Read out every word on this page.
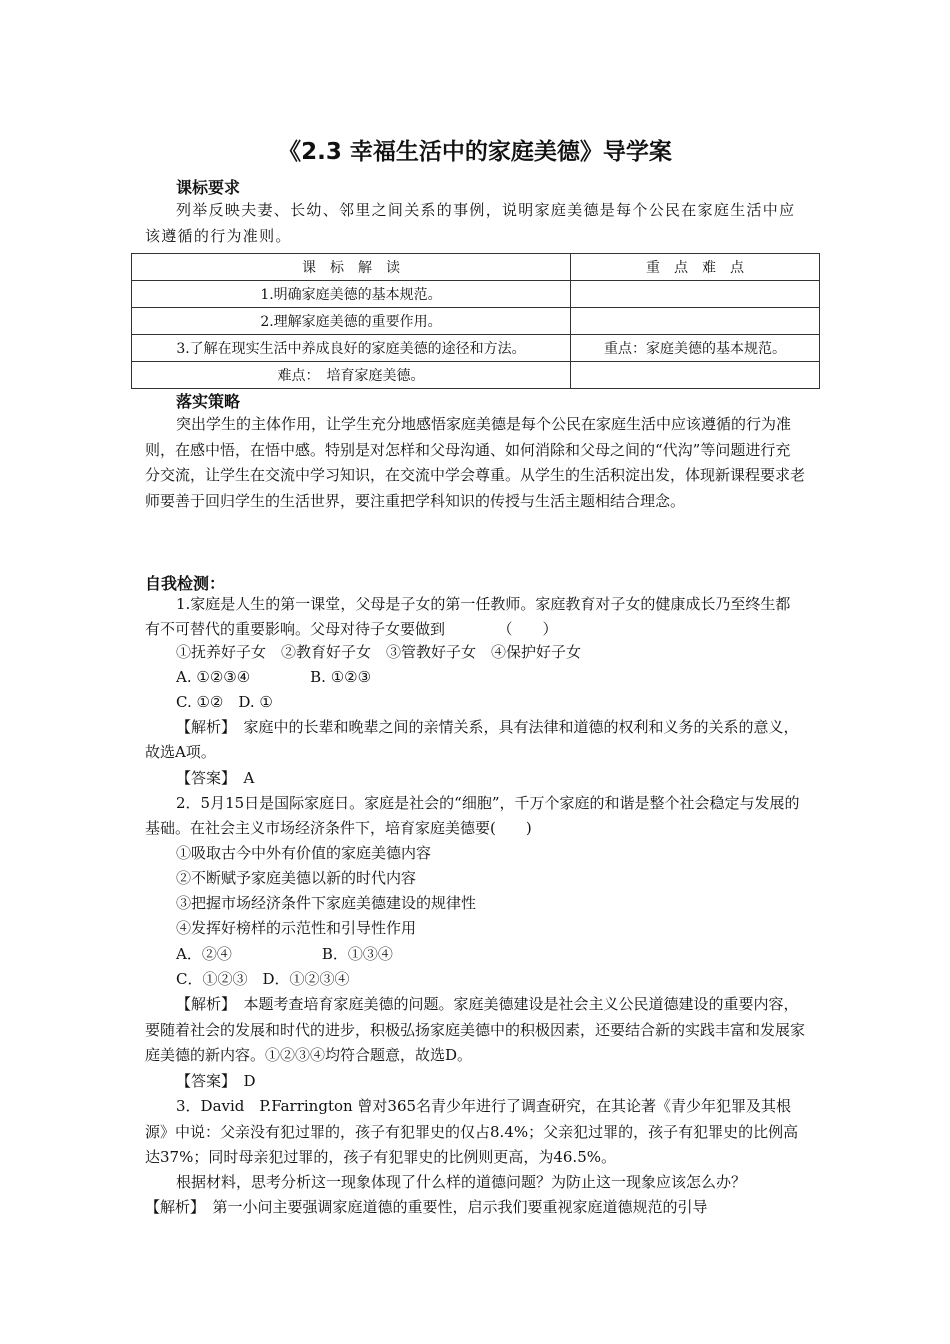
《2.3 幸福生活中的家庭美德》导学案
课标要求

列举反映夫妻、长幼、邻里之间关系的事例，说明家庭美德是每个公民在家庭生活中应该遵循的行为准则。

课　标　解　读	重　点　难　点
1.明确家庭美德的基本规范。	
2.理解家庭美德的重要作用。	
3.了解在现实生活中养成良好的家庭美德的途径和方法。	重点：家庭美德的基本规范。
难点：　培育家庭美德。	
落实策略

突出学生的主体作用，让学生充分地感悟家庭美德是每个公民在家庭生活中应该遵循的行为准则，在感中悟，在悟中感。特别是对怎样和父母沟通、如何消除和父母之间的“代沟”等问题进行充分交流，让学生在交流中学习知识，在交流中学会尊重。从学生的生活积淀出发，体现新课程要求老师要善于回归学生的生活世界，要注重把学科知识的传授与生活主题相结合理念。

自我检测：

1.家庭是人生的第一课堂，父母是子女的第一任教师。家庭教育对子女的健康成长乃至终生都有不可替代的重要影响。父母对待子女要做到　　　　（　　）

①抚养好子女　②教育好子女　③管教好子女　④保护好子女
A. ①②③④　　　　B. ①②③
C. ①②　D. ①

【解析】　家庭中的长辈和晚辈之间的亲情关系，具有法律和道德的权利和义务的关系的意义，故选A项。

【答案】　A

2．5月15日是国际家庭日。家庭是社会的“细胞”，千万个家庭的和谐是整个社会稳定与发展的基础。在社会主义市场经济条件下，培育家庭美德要(　　)

①吸取古今中外有价值的家庭美德内容
②不断赋予家庭美德以新的时代内容
③把握市场经济条件下家庭美德建设的规律性
④发挥好榜样的示范性和引导性作用
A．②④　　　　　　B．①③④
C．①②③　D．①②③④

【解析】　本题考查培育家庭美德的问题。家庭美德建设是社会主义公民道德建设的重要内容，要随着社会的发展和时代的进步，积极弘扬家庭美德中的积极因素，还要结合新的实践丰富和发展家庭美德的新内容。①②③④均符合题意，故选D。

【答案】　D

3．David　P.Farrington 曾对365名青少年进行了调查研究，在其论著《青少年犯罪及其根源》中说：父亲没有犯过罪的，孩子有犯罪史的仅占8.4%；父亲犯过罪的，孩子有犯罪史的比例高达37%；同时母亲犯过罪的，孩子有犯罪史的比例则更高，为46.5%。

根据材料，思考分析这一现象体现了什么样的道德问题？为防止这一现象应该怎么办？
【解析】　第一小问主要强调家庭道德的重要性，启示我们要重视家庭道德规范的引导
